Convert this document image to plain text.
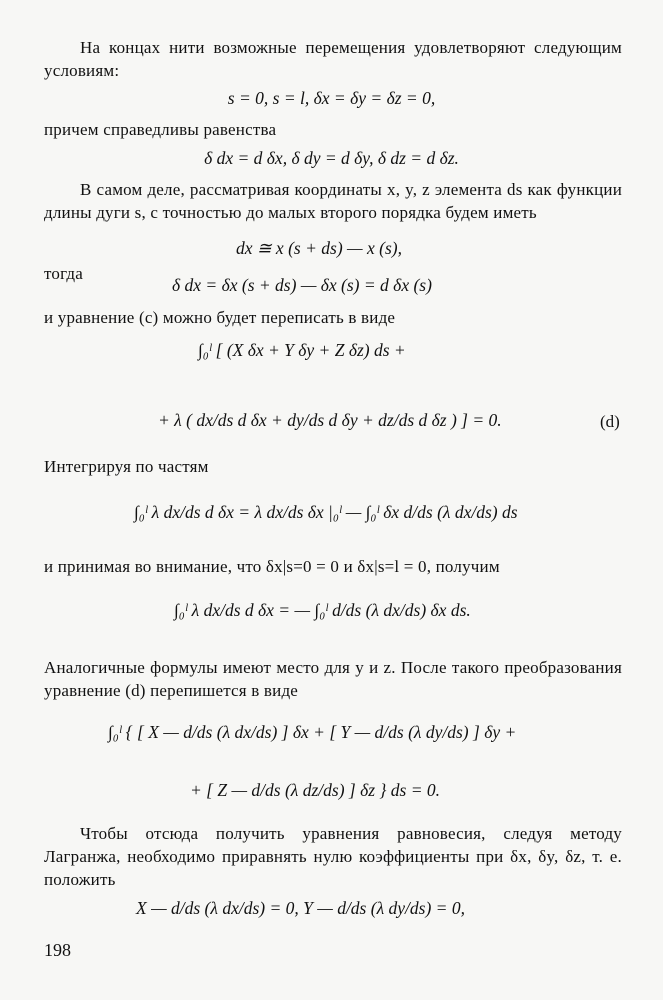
На концах нити возможные перемещения удовлетворяют следующим условиям:
s = 0, s = l, δx = δy = δz = 0,
причем справедливы равенства
δ dx = d δx, δ dy = d δy, δ dz = d δz.
В самом деле, рассматривая координаты x, y, z элемента ds как функции длины дуги s, с точностью до малых второго порядка будем иметь
dx ≅ x (s + ds) — x (s),
тогда
δ dx = δx (s + ds) — δx (s) = d δx (s)
и уравнение (c) можно будет переписать в виде
∫₀ˡ [ (X δx + Y δy + Z δz) ds +
+ λ ( dx/ds d δx + dy/ds d δy + dz/ds d δz ) ] = 0.	(d)
Интегрируя по частям
∫₀ˡ λ dx/ds d δx = λ dx/ds δx |₀ˡ — ∫₀ˡ δx d/ds (λ dx/ds) ds
и принимая во внимание, что δx|s=0 = 0 и δx|s=l = 0, получим
∫₀ˡ λ dx/ds d δx = — ∫₀ˡ d/ds (λ dx/ds) δx ds.
Аналогичные формулы имеют место для y и z. После такого преобразования уравнение (d) перепишется в виде
∫₀ˡ { [ X — d/ds (λ dx/ds) ] δx + [ Y — d/ds (λ dy/ds) ] δy +
+ [ Z — d/ds (λ dz/ds) ] δz } ds = 0.
Чтобы отсюда получить уравнения равновесия, следуя методу Лагранжа, необходимо приравнять нулю коэффициенты при δx, δy, δz, т. е. положить
X — d/ds (λ dx/ds) = 0, Y — d/ds (λ dy/ds) = 0,
198
